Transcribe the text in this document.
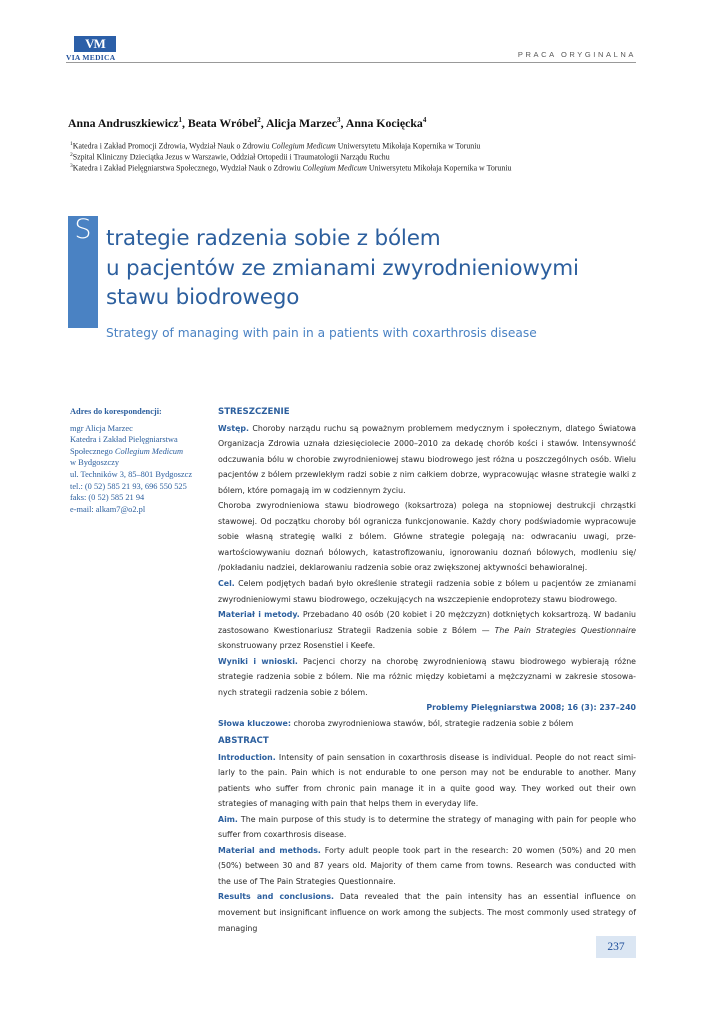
VM
VIA MEDICA	PRACA ORYGINALNA
Anna Andruszkiewicz$^1$, Beata Wróbel$^2$, Alicja Marzec$^3$, Anna Kocięcka$^4$
$^1$Katedra i Zakład Promocji Zdrowia, Wydział Nauk o Zdrowiu Collegium Medicum Uniwersytetu Mikołaja Kopernika w Toruniu
$^2$Szpital Kliniczny Dzieciątka Jezus w Warszawie, Oddział Ortopedii i Traumatologii Narządu Ruchu
$^3$Katedra i Zakład Pielęgniarstwa Społecznego, Wydział Nauk o Zdrowiu Collegium Medicum Uniwersytetu Mikołaja Kopernika w Toruniu
S trategie radzenia sobie z bólem
u pacjentów ze zmianami zwyrodnieniowymi
stawu biodrowego
Strategy of managing with pain in a patients with coxarthrosis disease
Adres do korespondencji:
mgr Alicja Marzec
Katedra i Zakład Pielęgniarstwa
Społecznego Collegium Medicum
w Bydgoszczy
ul. Techników 3, 85–801 Bydgoszcz
tel.: (0 52) 585 21 93, 696 550 525
faks: (0 52) 585 21 94
e-mail: alkam7@o2.pl
STRESZCZENIE

Wstęp. Choroby narządu ruchu są poważnym problemem medycznym i społecznym, dlatego Światowa Organizacja Zdrowia uznała dziesięciolecie 2000–2010 za dekadę chorób kości i stawów. Intensywność odczuwania bólu w chorobie zwyrodnieniowej stawu biodrowego jest różna u poszczególnych osób. Wielu pacjentów z bólem przewlekłym radzi sobie z nim całkiem dobrze, wypracowując własne strategie walki z bólem, które pomagają im w codziennym życiu.

Choroba zwyrodnieniowa stawu biodrowego (koksartroza) polega na stopniowej destrukcji chrząstki stawowej. Od początku choroby ból ogranicza funkcjonowanie. Każdy chory podświadomie wypracowuje sobie własną strategię walki z bólem. Główne strategie polegają na: odwracaniu uwagi, przewartościowywaniu doznań bólowych, katastrofizowaniu, ignorowaniu doznań bólowych, modleniu się/ /pokładaniu nadziei, deklarowaniu radzenia sobie oraz zwiększonej aktywności behawioralnej.

Cel. Celem podjętych badań było określenie strategii radzenia sobie z bólem u pacjentów ze zmianami zwyrodnieniowymi stawu biodrowego, oczekujących na wszczepienie endoprotezy stawu biodrowego.

Materiał i metody. Przebadano 40 osób (20 kobiet i 20 mężczyzn) dotkniętych koksartrozą. W badaniu zastosowano Kwestionariusz Strategii Radzenia sobie z Bólem — The Pain Strategies Questionnaire skonstruowany przez Rosenstiel i Keefe.

Wyniki i wnioski. Pacjenci chorzy na chorobę zwyrodnieniową stawu biodrowego wybierają różne strategie radzenia sobie z bólem. Nie ma różnic między kobietami a mężczyznami w zakresie stosowanych strategii radzenia sobie z bólem.

Problemy Pielęgniarstwa 2008; 16 (3): 237–240

Słowa kluczowe: choroba zwyrodnieniowa stawów, ból, strategie radzenia sobie z bólem

ABSTRACT

Introduction. Intensity of pain sensation in coxarthrosis disease is individual. People do not react similarly to the pain. Pain which is not endurable to one person may not be endurable to another. Many patients who suffer from chronic pain manage it in a quite good way. They worked out their own strategies of managing with pain that helps them in everyday life.

Aim. The main purpose of this study is to determine the strategy of managing with pain for people who suffer from coxarthrosis disease.

Material and methods. Forty adult people took part in the research: 20 women (50%) and 20 men (50%) between 30 and 87 years old. Majority of them came from towns. Research was conducted with the use of The Pain Strategies Questionnaire.

Results and conclusions. Data revealed that the pain intensity has an essential influence on movement but insignificant influence on work among the subjects. The most commonly used strategy of managing

237
